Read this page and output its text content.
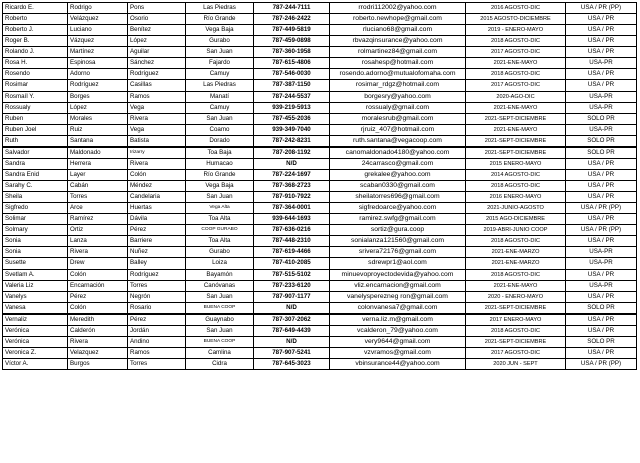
Ricardo E.	Rodrigo	Pons	Las Piedras	787-244-7111	rrodri112002@yahoo.com	2016 AGOSTO-DIC	USA / PR (PP)
Roberto	Velázquez	Osorio	Río Grande	787-246-2422	roberto.newhope@gmail.com	2015 AGOSTO-DICIEMBRE	USA / PR
Roberto J.	Luciano	Benítez	Vega Baja	787-449-5819	rluciano68@gmail.com	2019 - ENERO-MAYO	USA / PR
Roger B.	Vázquez	López	Gurabo	787-459-0898	rbvazqinsurance@yahoo.com	2018 AGOSTO-DIC	USA / PR
Rolando J.	Martínez	Aguilar	San Juan	787-360-1958	rolmartinez84@gmail.com	2017 AGOSTO-DIC	USA / PR
Rosa H.	Espinosa	Sánchez	Fajardo	787-615-4806	rosahesp@hotmail.com	2021-ENE-MAYO	USA-PR
Rosendo	Adorno	Rodríguez	Camuy	787-546-0030	rosendo.adorno@mutualofomaha.com	2018 AGOSTO-DIC	USA / PR
Rosimar	Rodríguez	Casillas	Las Piedras	787-387-1150	rosimar_rdgz@hotmail.com	2017 AGOSTO-DIC	USA / PR
Rosmaíl Y.	Borges	Ramos	Manatí	787-244-5537	borgesry@yahoo.com	2020-AGO-DIC	USA-PR
Rossualy	López	Vega	Camuy	939-219-5913	rossualy@gmail.com	2021-ENE-MAYO	USA-PR
Ruben	Morales	Rivera	San Juan	787-455-2036	moralesrub@gmail.com	2021-SEPT-DICIEMBRE	SOLO PR
Ruben Joel	Ruiz	Vega	Coamo	939-349-7040	rjruiz_407@hotmail.com	2021-ENE-MAYO	USA-PR
Ruth	Santana	Batista	Dorado	787-242-8231	ruth.santana@vegacoop.com	2021-SEPT-DICIEMBRE	SOLO PR
Salvador	Maldonado	Irizarry	Toa Baja	787-208-1192	canomaldonado4180@yahoo.com	2021-SEPT-DICIEMBRE	SOLO PR
Sandra	Herrera	Rivera	Humacao	N/D	24carrasco@gmail.com	2015 ENERO-MAYO	USA / PR
Sandra Enid	Layer	Colón	Río Grande	787-224-1697	grekalee@yahoo.com	2014 AGOSTO-DIC	USA / PR
Sarahy C.	Cabán	Méndez	Vega Baja	787-368-2723	scaban0330@gmail.com	2018 AGOSTO-DIC	USA / PR
Sheila	Torres	Candelaria	San Juan	787-910-7922	sheilatorres696@gmail.com	2016 ENERO-MAYO	USA / PR
Sigfredo	Arce	Huertas	Vega Alta	787-364-0001	sigfredoarce@yahoo.com	2021-JUNIO-AGOSTO	USA / PR (PP)
Solimar	Ramírez	Dávila	Toa Alta	939-644-1693	ramirez.swfg@gmail.com	2015 AGO-DICIEMBRE	USA / PR
Solmary	Ortiz	Pérez	COOP GURABO	787-636-0216	sortiz@gura.coop	2019-ABRI-JUNIO COOP	USA / PR (PP)
Sonia	Lanza	Barriere	Toa Alta	787-448-2310	sonialanza121560@gmail.com	2018 AGOSTO-DIC	USA / PR
Sonia	Rivera	Nuñez	Gurabo	787-619-4466	srivera72176@gmail.com	2021-ENE-MARZO	USA-PR
Susette	Drew	Balley	Loiza	787-410-2085	sdrewpr1@aol.com	2021-ENE-MARZO	USA-PR
Svetlam A.	Colón	Rodríguez	Bayamón	787-515-5102	minuevoproyectodevida@yahoo.com	2018 AGOSTO-DIC	USA / PR
Valeria Liz	Encarnación	Torres	Canóvanas	787-233-6120	vliz.encarnacion@gmail.com	2021-ENE-MAYO	USA-PR
Vanelys	Pérez	Negrón	San Juan	787-907-1177	vanelysperezneg ron@gmail.com	2020 - ENERO-MAYO	USA / PR
Vanesa	Colón	Rosario	BUENA COOP	N/D	colonvanesa7@gmail.com	2021-SEPT-DICIEMBRE	SOLO PR
Vernaliz	Meredith	Pérez	Guaynabo	787-307-2062	verna.liz.m@gmail.com	2017 ENERO-MAYO	USA / PR
Verónica	Calderón	Jordán	San Juan	787-649-4439	vcalderon_79@yahoo.com	2018 AGOSTO-DIC	USA / PR
Verónica	Rivera	Andino	BUENA COOP	N/D	very9644@gmail.com	2021-SEPT-DICIEMBRE	SOLO PR
Veronica Z.	Velazquez	Ramos	Camlina	787-907-5241	vzvramos@gmail.com	2017 AGOSTO-DIC	USA / PR
Víctor A.	Burgos	Torres	Cidra	787-645-3023	vbinsurance44@yahoo.com	2020 JUN - SEPT	USA / PR (PP)
